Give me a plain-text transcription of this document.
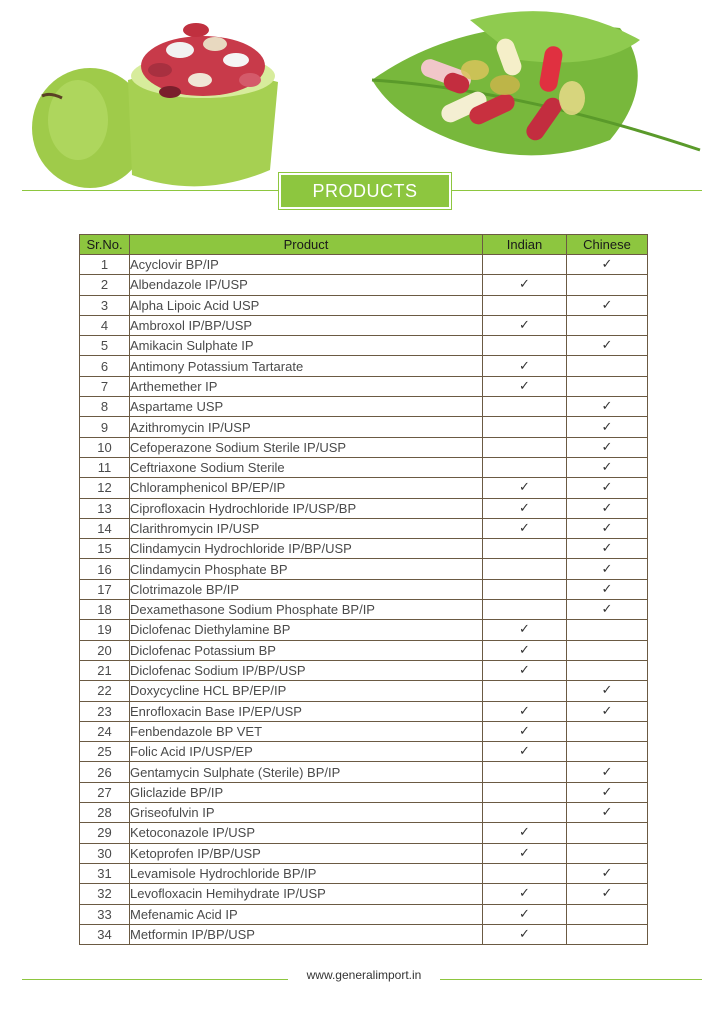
PRODUCTS
Sr.No.	Product	Indian	Chinese
1	Acyclovir BP/IP		✓
2	Albendazole IP/USP	✓	
3	Alpha Lipoic Acid USP		✓
4	Ambroxol IP/BP/USP	✓	
5	Amikacin Sulphate IP		✓
6	Antimony Potassium Tartarate	✓	
7	Arthemether IP	✓	
8	Aspartame USP		✓
9	Azithromycin IP/USP		✓
10	Cefoperazone Sodium Sterile IP/USP		✓
11	Ceftriaxone Sodium Sterile		✓
12	Chloramphenicol BP/EP/IP	✓	✓
13	Ciprofloxacin Hydrochloride IP/USP/BP	✓	✓
14	Clarithromycin IP/USP	✓	✓
15	Clindamycin Hydrochloride IP/BP/USP		✓
16	Clindamycin Phosphate BP		✓
17	Clotrimazole BP/IP		✓
18	Dexamethasone Sodium Phosphate BP/IP		✓
19	Diclofenac Diethylamine BP	✓	
20	Diclofenac Potassium BP	✓	
21	Diclofenac Sodium IP/BP/USP	✓	
22	Doxycycline HCL BP/EP/IP		✓
23	Enrofloxacin Base IP/EP/USP	✓	✓
24	Fenbendazole BP VET	✓	
25	Folic Acid IP/USP/EP	✓	
26	Gentamycin Sulphate (Sterile) BP/IP		✓
27	Gliclazide BP/IP		✓
28	Griseofulvin IP		✓
29	Ketoconazole IP/USP	✓	
30	Ketoprofen IP/BP/USP	✓	
31	Levamisole Hydrochloride BP/IP		✓
32	Levofloxacin Hemihydrate IP/USP	✓	✓
33	Mefenamic Acid IP	✓	
34	Metformin IP/BP/USP	✓	
www.generalimport.in
